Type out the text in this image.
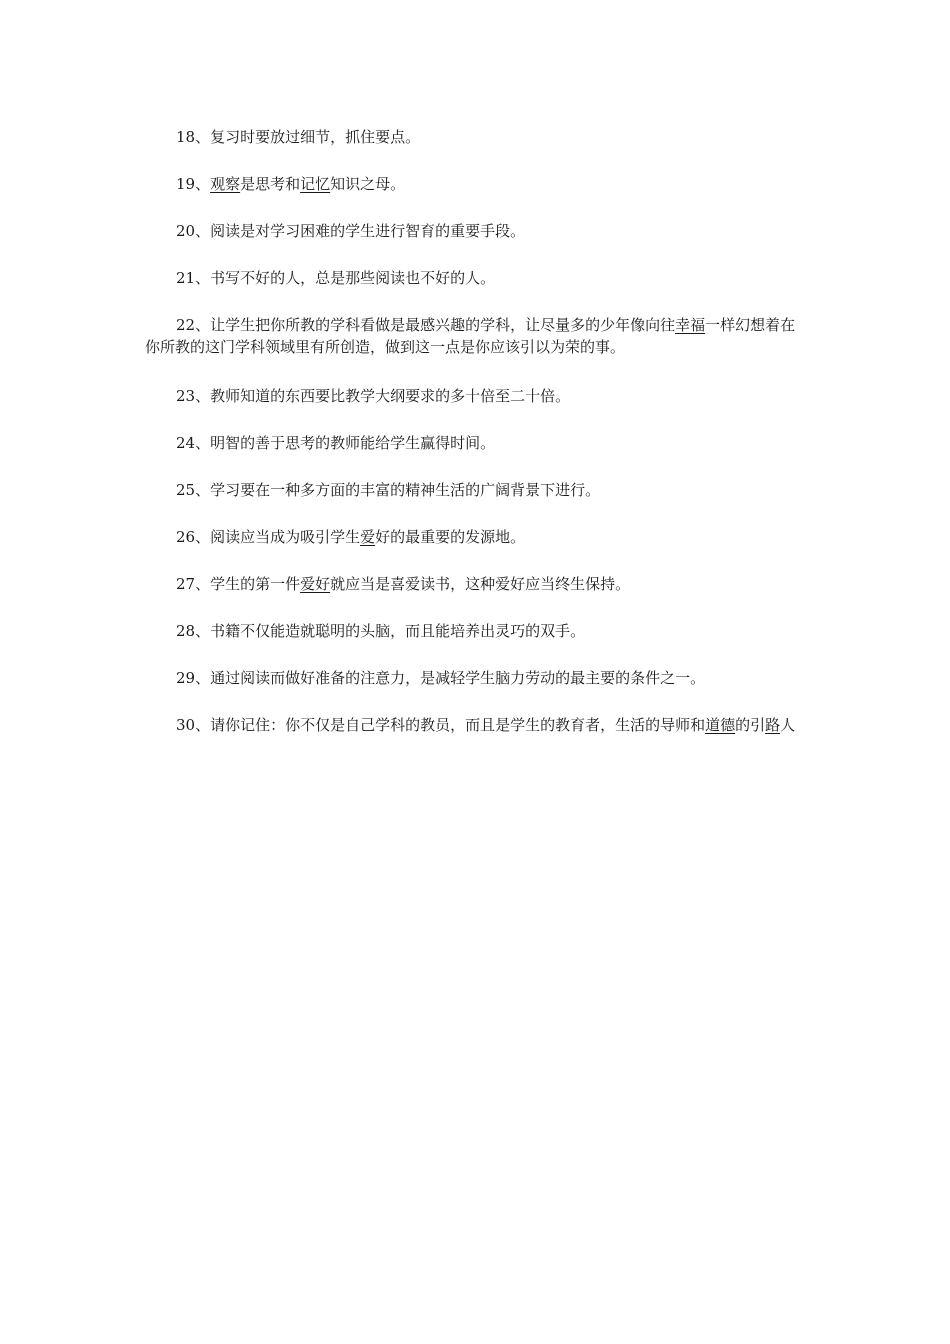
18、复习时要放过细节，抓住要点。

19、观察是思考和记忆知识之母。

20、阅读是对学习困难的学生进行智育的重要手段。

21、书写不好的人，总是那些阅读也不好的人。

22、让学生把你所教的学科看做是最感兴趣的学科，让尽量多的少年像向往幸福一样幻想着在你所教的这门学科领域里有所创造，做到这一点是你应该引以为荣的事。

23、教师知道的东西要比教学大纲要求的多十倍至二十倍。

24、明智的善于思考的教师能给学生赢得时间。

25、学习要在一种多方面的丰富的精神生活的广阔背景下进行。

26、阅读应当成为吸引学生爱好的最重要的发源地。

27、学生的第一件爱好就应当是喜爱读书，这种爱好应当终生保持。

28、书籍不仅能造就聪明的头脑，而且能培养出灵巧的双手。

29、通过阅读而做好准备的注意力，是减轻学生脑力劳动的最主要的条件之一。

30、请你记住：你不仅是自己学科的教员，而且是学生的教育者，生活的导师和道德的引路人
